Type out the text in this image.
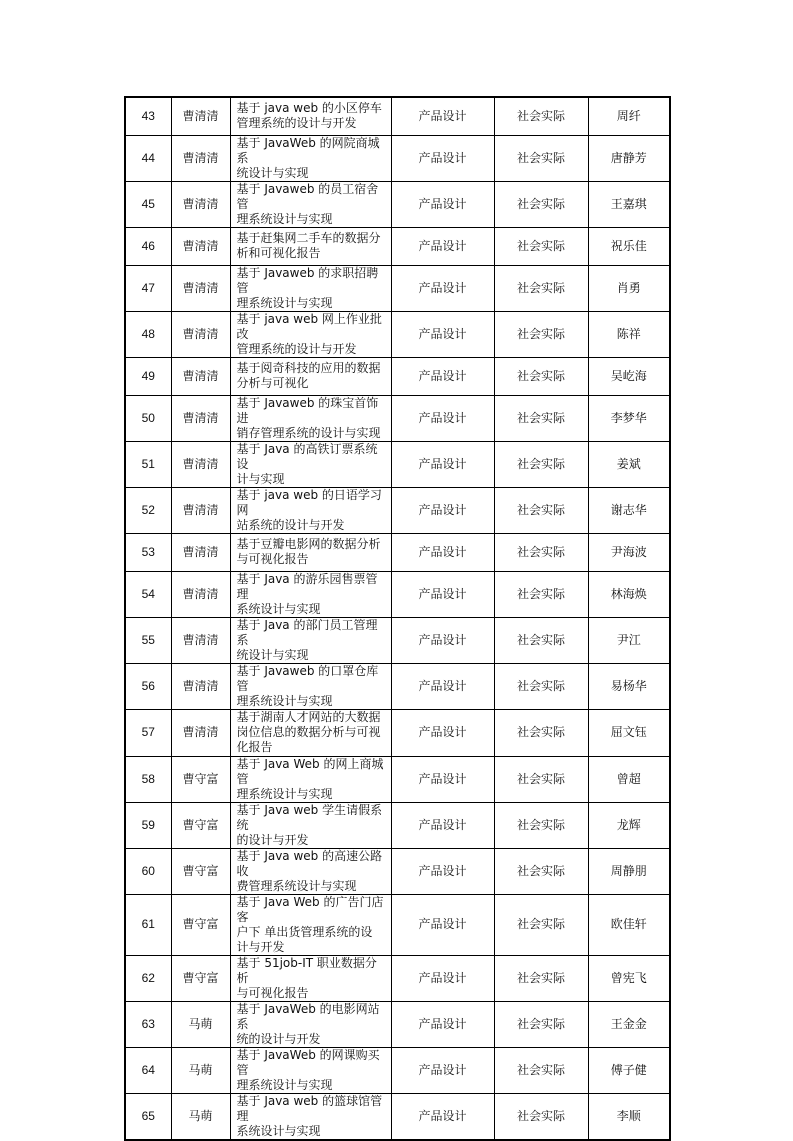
43	曹清清	基于 java web 的小区停车
管理系统的设计与开发	产品设计	社会实际	周纤
44	曹清清	基于 JavaWeb 的网院商城系
统设计与实现	产品设计	社会实际	唐静芳
45	曹清清	基于 Javaweb 的员工宿舍管
理系统设计与实现	产品设计	社会实际	王嘉琪
46	曹清清	基于赶集网二手车的数据分
析和可视化报告	产品设计	社会实际	祝乐佳
47	曹清清	基于 Javaweb 的求职招聘管
理系统设计与实现	产品设计	社会实际	肖勇
48	曹清清	基于 java web 网上作业批改
管理系统的设计与开发	产品设计	社会实际	陈祥
49	曹清清	基于阅奇科技的应用的数据
分析与可视化	产品设计	社会实际	吴屹海
50	曹清清	基于 Javaweb 的珠宝首饰进
销存管理系统的设计与实现	产品设计	社会实际	李梦华
51	曹清清	基于 Java 的高铁订票系统设
计与实现	产品设计	社会实际	姜斌
52	曹清清	基于 java web 的日语学习网
站系统的设计与开发	产品设计	社会实际	谢志华
53	曹清清	基于豆瓣电影网的数据分析
与可视化报告	产品设计	社会实际	尹海波
54	曹清清	基于 Java 的游乐园售票管理
系统设计与实现	产品设计	社会实际	林海焕
55	曹清清	基于 Java 的部门员工管理系
统设计与实现	产品设计	社会实际	尹江
56	曹清清	基于 Javaweb 的口罩仓库管
理系统设计与实现	产品设计	社会实际	易杨华
57	曹清清	基于湖南人才网站的大数据
岗位信息的数据分析与可视
化报告	产品设计	社会实际	屈文钰
58	曹守富	基于 Java Web 的网上商城管
理系统设计与实现	产品设计	社会实际	曾超
59	曹守富	基于 Java web 学生请假系统
的设计与开发	产品设计	社会实际	龙辉
60	曹守富	基于 Java web 的高速公路收
费管理系统设计与实现	产品设计	社会实际	周静朋
61	曹守富	基于 Java Web 的广告门店客
户下 单出货管理系统的设
计与开发	产品设计	社会实际	欧佳轩
62	曹守富	基于 51job-IT 职业数据分析
与可视化报告	产品设计	社会实际	曾宪飞
63	马萌	基于 JavaWeb 的电影网站系
统的设计与开发	产品设计	社会实际	王金金
64	马萌	基于 JavaWeb 的网课购买管
理系统设计与实现	产品设计	社会实际	傅子健
65	马萌	基于 Java web 的篮球馆管理
系统设计与实现	产品设计	社会实际	李顺
